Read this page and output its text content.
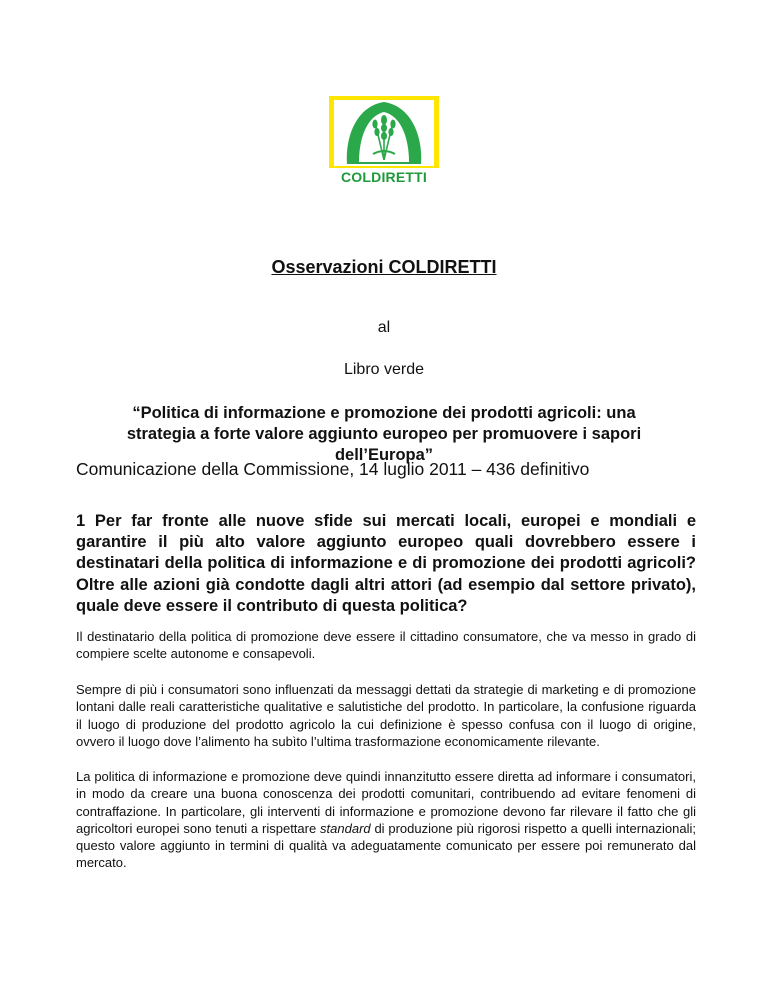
COLDIRETTI
Osservazioni COLDIRETTI
al
Libro verde
“Politica di informazione e promozione dei prodotti agricoli: una strategia a forte valore aggiunto europeo per promuovere i sapori dell’Europa”
Comunicazione della Commissione, 14 luglio 2011 – 436 definitivo
1 Per far fronte alle nuove sfide sui mercati locali, europei e mondiali e garantire il più alto valore aggiunto europeo quali dovrebbero essere i destinatari della politica di informazione e di promozione dei prodotti agricoli? Oltre alle azioni già condotte dagli altri attori (ad esempio dal settore privato), quale deve essere il contributo di questa politica?

Il destinatario della politica di promozione deve essere il cittadino consumatore, che va messo in grado di compiere scelte autonome e consapevoli.

Sempre di più i consumatori sono influenzati da messaggi dettati da strategie di marketing e di promozione lontani dalle reali caratteristiche qualitative e salutistiche del prodotto. In particolare, la confusione riguarda il luogo di produzione del prodotto agricolo la cui definizione è spesso confusa con il luogo di origine, ovvero il luogo dove l’alimento ha subìto l’ultima trasformazione economicamente rilevante.

La politica di informazione e promozione deve quindi innanzitutto essere diretta ad informare i consumatori, in modo da creare una buona conoscenza dei prodotti comunitari, contribuendo ad evitare fenomeni di contraffazione. In particolare, gli interventi di informazione e promozione devono far rilevare il fatto che gli agricoltori europei sono tenuti a rispettare standard di produzione più rigorosi rispetto a quelli internazionali; questo valore aggiunto in termini di qualità va adeguatamente comunicato per essere poi remunerato dal mercato.
